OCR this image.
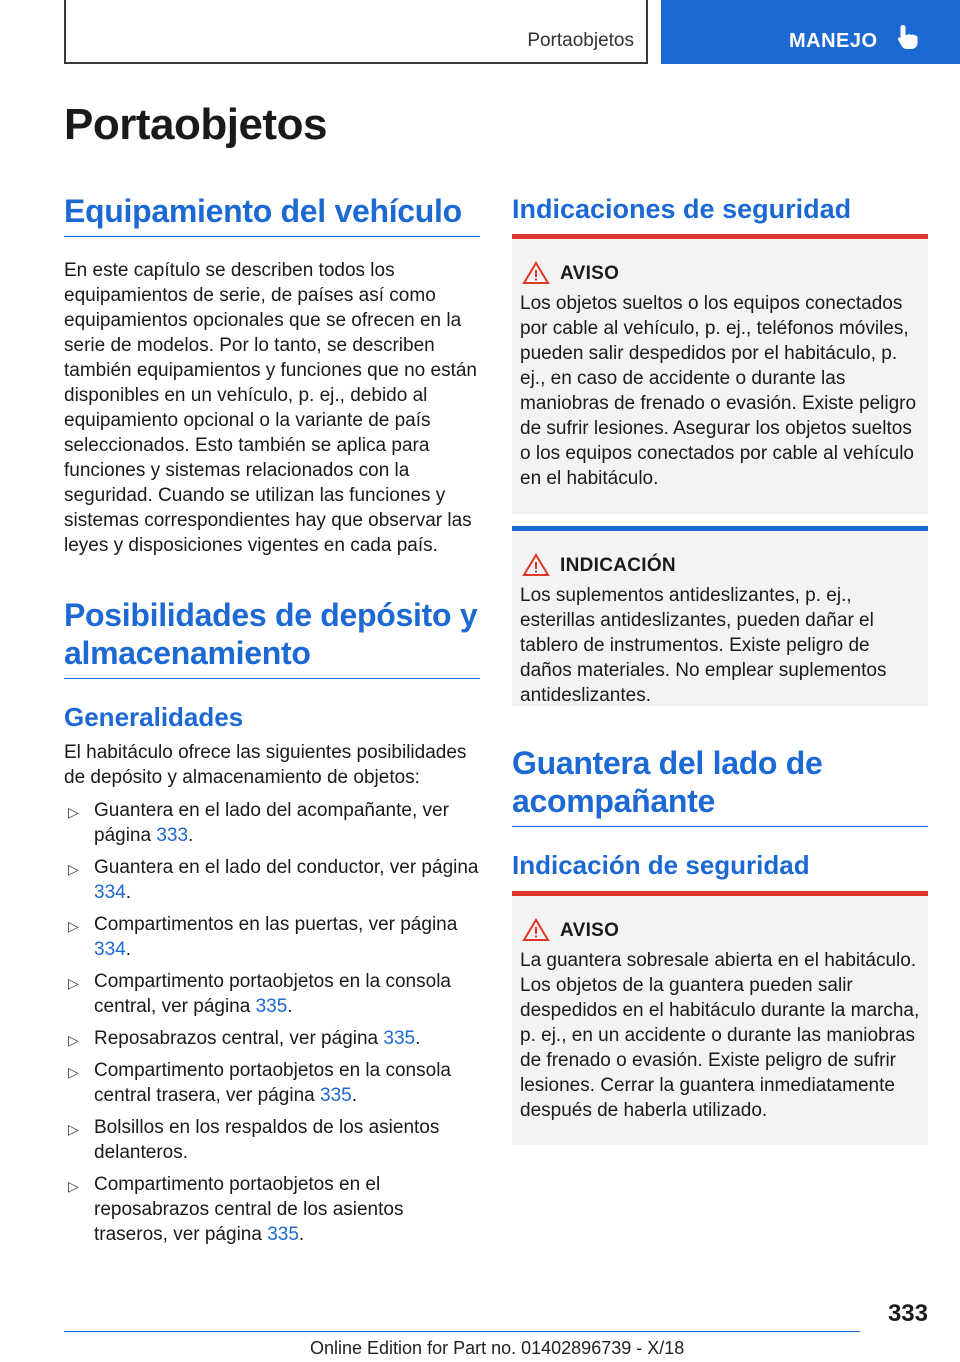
Portaobjetos	MANEJO
Portaobjetos
Equipamiento del vehículo

En este capítulo se describen todos los equipamientos de serie, de países así como equipamientos opcionales que se ofrecen en la serie de modelos. Por lo tanto, se describen también equipamientos y funciones que no están disponibles en un vehículo, p. ej., debido al equipamiento opcional o la variante de país seleccionados. Esto también se aplica para funciones y sistemas relacionados con la seguridad. Cuando se utilizan las funciones y sistemas correspondientes hay que observar las leyes y disposiciones vigentes en cada país.

Posibilidades de depósito y almacenamiento
Generalidades

El habitáculo ofrece las siguientes posibilidades de depósito y almacenamiento de objetos:

▷ Guantera en el lado del acompañante, ver página 333.
▷ Guantera en el lado del conductor, ver página 334.
▷ Compartimentos en las puertas, ver página 334.
▷ Compartimento portaobjetos en la consola central, ver página 335.
▷ Reposabrazos central, ver página 335.
▷ Compartimento portaobjetos en la consola central trasera, ver página 335.
▷ Bolsillos en los respaldos de los asientos delanteros.
▷ Compartimento portaobjetos en el reposabrazos central de los asientos traseros, ver página 335.
Indicaciones de seguridad
AVISO

Los objetos sueltos o los equipos conectados por cable al vehículo, p. ej., teléfonos móviles, pueden salir despedidos por el habitáculo, p. ej., en caso de accidente o durante las maniobras de frenado o evasión. Existe peligro de sufrir lesiones. Asegurar los objetos sueltos o los equipos conectados por cable al vehículo en el habitáculo.

INDICACIÓN

Los suplementos antideslizantes, p. ej., esterillas antideslizantes, pueden dañar el tablero de instrumentos. Existe peligro de daños materiales. No emplear suplementos antideslizantes.

Guantera del lado de acompañante
Indicación de seguridad
AVISO

La guantera sobresale abierta en el habitáculo. Los objetos de la guantera pueden salir despedidos en el habitáculo durante la marcha, p. ej., en un accidente o durante las maniobras de frenado o evasión. Existe peligro de sufrir lesiones. Cerrar la guantera inmediatamente después de haberla utilizado.

333
Online Edition for Part no. 01402896739 - X/18
